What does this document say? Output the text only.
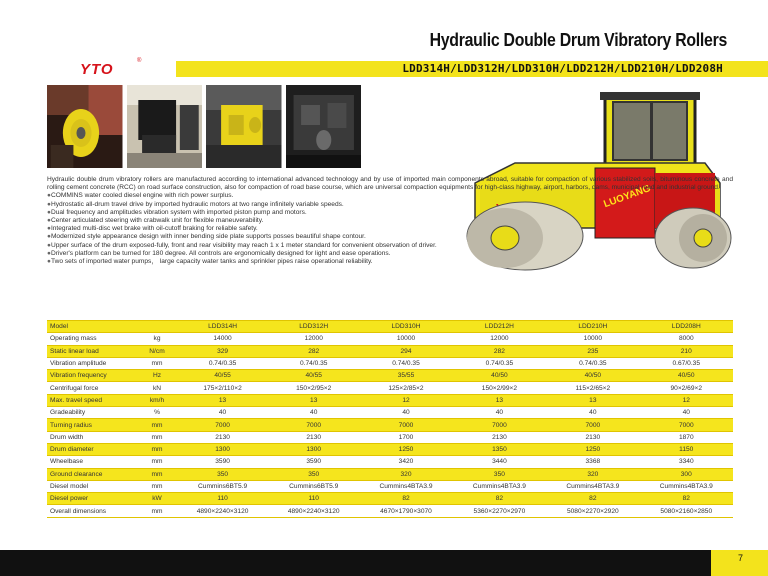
Hydraulic Double Drum Vibratory Rollers
YTO	®
LDD314H/LDD312H/LDD310H/LDD212H/LDD210H/LDD208H
LUOYANG

Hydraulic double drum vibratory rollers are manufactured according to international advanced technology and by use of imported main components abroad, suitable for compaction of various stabilized soils, bituminous concrete and rolling cement concrete (RCC) on road surface construction, also for compaction of road base course, which are universal compaction equipments for high-class highway, airport, harbors, dams, municipal road and industrial ground.

●COMMINS water cooled diesel engine with rich power surplus.
●Hydrostatic all-drum travel drive by imported hydraulic motors at two range infinitely variable speeds.
●Dual frequency and amplitudes vibration system with imported piston pump and motors.
●Center articulated steering with crabwalk unit for flexible maneuverability.
●Integrated multi-disc wet brake with oil-cutoff braking for reliable safety.
●Modernized style appearance design with inner bending side plate supports posses beautiful shape contour.
●Upper surface of the drum exposed-fully, front and rear visibility may reach 1 x 1 meter standard for convenient observation of driver.
●Driver's platform can be turned for 180 degree. All controls are ergonomically designed for light and ease operations.
●Two sets of imported water pumps， large capacity water tanks and sprinkler pipes raise operational reliability.
Model		LDD314H	LDD312H	LDD310H	LDD212H	LDD210H	LDD208H
Operating mass	kg	14000	12000	10000	12000	10000	8000
Static linear load	N/cm	329	282	294	282	235	210
Vibration amplitude	mm	0.74/0.35	0.74/0.35	0.74/0.35	0.74/0.35	0.74/0.35	0.67/0.35
Vibration frequency	Hz	40/55	40/55	35/55	40/50	40/50	40/50
Centrifugal force	kN	175×2/110×2	150×2/95×2	125×2/85×2	150×2/99×2	115×2/65×2	90×2/69×2
Max. travel speed	km/h	13	13	12	13	13	12
Gradeability	%	40	40	40	40	40	40
Turning radius	mm	7000	7000	7000	7000	7000	7000
Drum width	mm	2130	2130	1700	2130	2130	1870
Drum diameter	mm	1300	1300	1250	1350	1250	1150
Wheelbase	mm	3590	3590	3420	3440	3368	3340
Ground clearance	mm	350	350	320	350	320	300
Diesel model	mm	Cummins6BT5.9	Cummins6BT5.9	Cummins4BTA3.9	Cummins4BTA3.9	Cummins4BTA3.9	Cummins4BTA3.9
Diesel power	kW	110	110	82	82	82	82
Overall dimensions	mm	4890×2240×3120	4890×2240×3120	4670×1790×3070	5360×2270×2970	5080×2270×2920	5080×2160×2850
7
